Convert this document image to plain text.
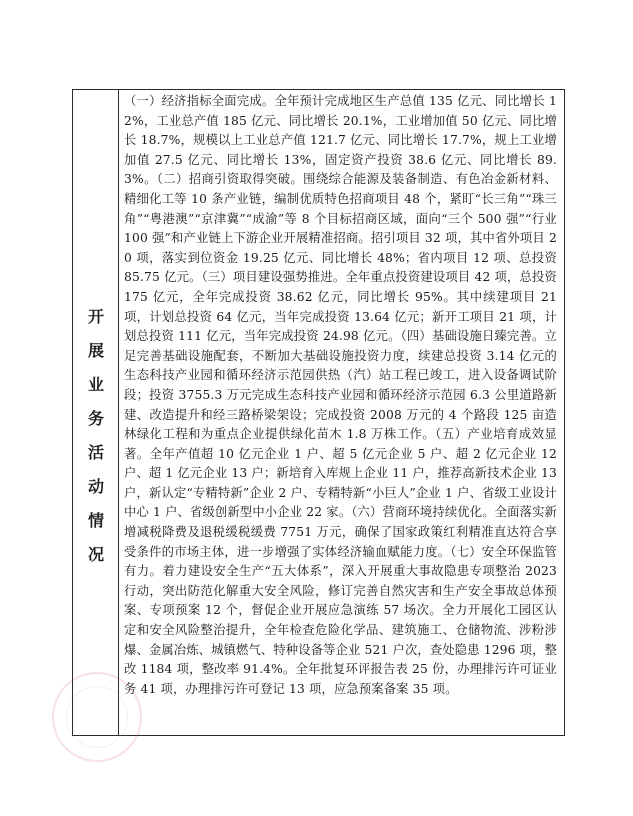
开
展
业
务
活
动
情
况

（一）经济指标全面完成。全年预计完成地区生产总值 135 亿元、同比增长 12%，工业总产值 185 亿元、同比增长 20.1%，工业增加值 50 亿元、同比增长 18.7%，规模以上工业总产值 121.7 亿元、同比增长 17.7%，规上工业增加值 27.5 亿元、同比增长 13%，固定资产投资 38.6 亿元、同比增长 89.3%。（二）招商引资取得突破。围绕综合能源及装备制造、有色冶金新材料、精细化工等 10 条产业链，编制优质特色招商项目 48 个，紧盯“长三角”“珠三角”“粤港澳”“京津冀”“成渝”等 8 个目标招商区域，面向“三个 500 强”“行业 100 强”和产业链上下游企业开展精准招商。招引项目 32 项，其中省外项目 20 项，落实到位资金 19.25 亿元、同比增长 48%；省内项目 12 项、总投资 85.75 亿元。（三）项目建设强势推进。全年重点投资建设项目 42 项，总投资 175 亿元，全年完成投资 38.62 亿元，同比增长 95%。其中续建项目 21 项，计划总投资 64 亿元，当年完成投资 13.64 亿元；新开工项目 21 项，计划总投资 111 亿元，当年完成投资 24.98 亿元。（四）基础设施日臻完善。立足完善基础设施配套，不断加大基础设施投资力度，续建总投资 3.14 亿元的生态科技产业园和循环经济示范园供热（汽）站工程已竣工，进入设备调试阶段；投资 3755.3 万元完成生态科技产业园和循环经济示范园 6.3 公里道路新建、改造提升和经三路桥梁架设；完成投资 2008 万元的 4 个路段 125 亩造林绿化工程和为重点企业提供绿化苗木 1.8 万株工作。（五）产业培育成效显著。全年产值超 10 亿元企业 1 户、超 5 亿元企业 5 户、超 2 亿元企业 12 户、超 1 亿元企业 13 户；新培育入库规上企业 11 户，推荐高新技术企业 13 户，新认定“专精特新”企业 2 户、专精特新“小巨人”企业 1 户、省级工业设计中心 1 户、省级创新型中小企业 22 家。（六）营商环境持续优化。全面落实新增减税降费及退税缓税缓费 7751 万元，确保了国家政策红利精准直达符合享受条件的市场主体，进一步增强了实体经济输血赋能力度。（七）安全环保监管有力。着力建设安全生产“五大体系”，深入开展重大事故隐患专项整治 2023 行动，突出防范化解重大安全风险，修订完善自然灾害和生产安全事故总体预案、专项预案 12 个，督促企业开展应急演练 57 场次。全力开展化工园区认定和安全风险整治提升，全年检查危险化学品、建筑施工、仓储物流、涉粉涉爆、金属冶炼、城镇燃气、特种设备等企业 521 户次，查处隐患 1296 项，整改 1184 项，整改率 91.4%。全年批复环评报告表 25 份，办理排污许可证业务 41 项，办理排污许可登记 13 项，应急预案备案 35 项。
